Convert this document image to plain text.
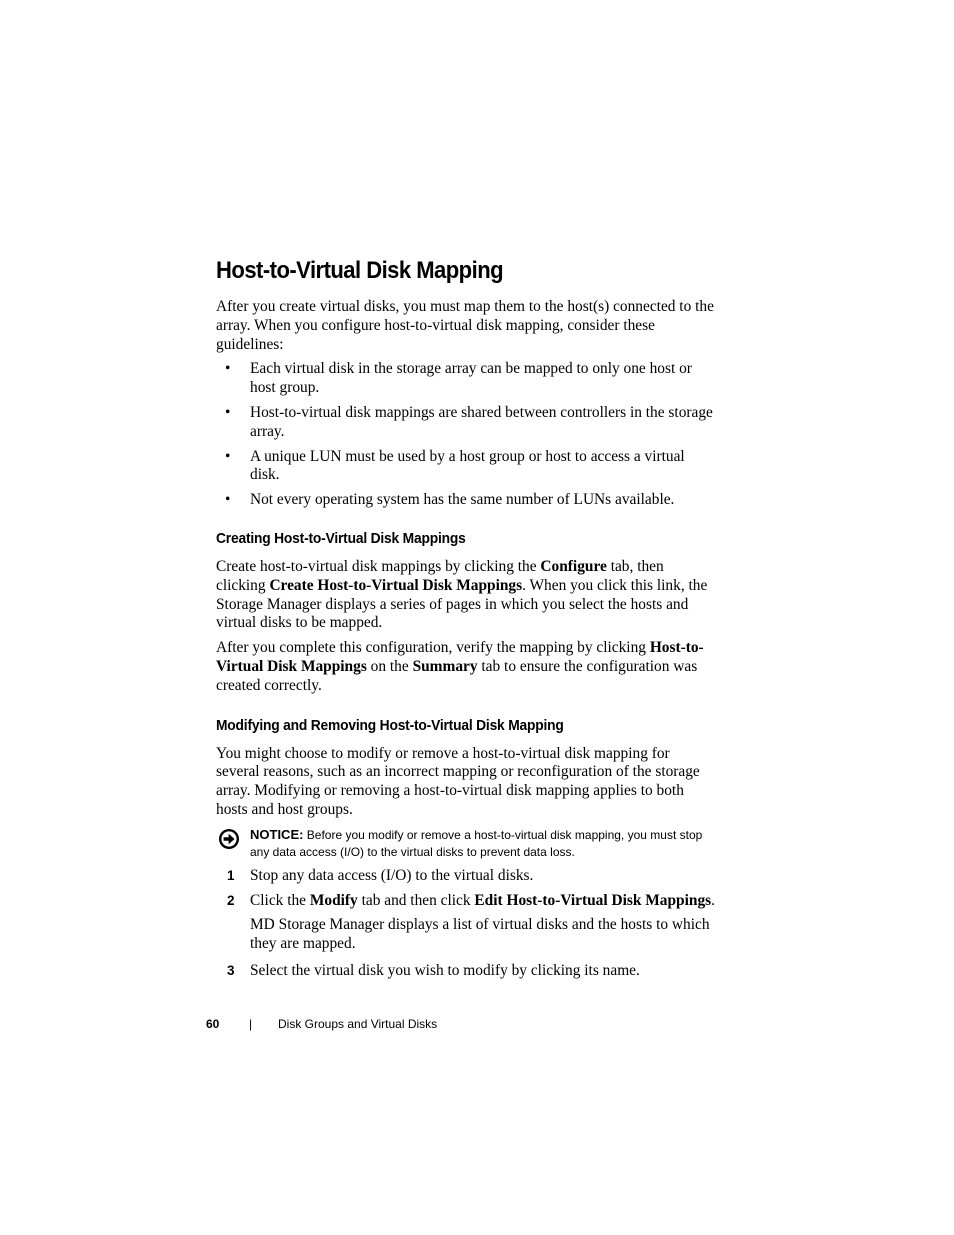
Host-to-Virtual Disk Mapping

After you create virtual disks, you must map them to the host(s) connected to the array. When you configure host-to-virtual disk mapping, consider these guidelines:

• Each virtual disk in the storage array can be mapped to only one host or host group.
• Host-to-virtual disk mappings are shared between controllers in the storage array.
• A unique LUN must be used by a host group or host to access a virtual disk.
• Not every operating system has the same number of LUNs available.
Creating Host-to-Virtual Disk Mappings

Create host-to-virtual disk mappings by clicking the Configure tab, then clicking Create Host-to-Virtual Disk Mappings. When you click this link, the Storage Manager displays a series of pages in which you select the hosts and virtual disks to be mapped.

After you complete this configuration, verify the mapping by clicking Host-to-Virtual Disk Mappings on the Summary tab to ensure the configuration was created correctly.

Modifying and Removing Host-to-Virtual Disk Mapping

You might choose to modify or remove a host-to-virtual disk mapping for several reasons, such as an incorrect mapping or reconfiguration of the storage array. Modifying or removing a host-to-virtual disk mapping applies to both hosts and host groups.

NOTICE: Before you modify or remove a host-to-virtual disk mapping, you must stop any data access (I/O) to the virtual disks to prevent data loss.

1 Stop any data access (I/O) to the virtual disks.
2 Click the Modify tab and then click Edit Host-to-Virtual Disk Mappings.

MD Storage Manager displays a list of virtual disks and the hosts to which they are mapped.

3 Select the virtual disk you wish to modify by clicking its name.
60 | Disk Groups and Virtual Disks
